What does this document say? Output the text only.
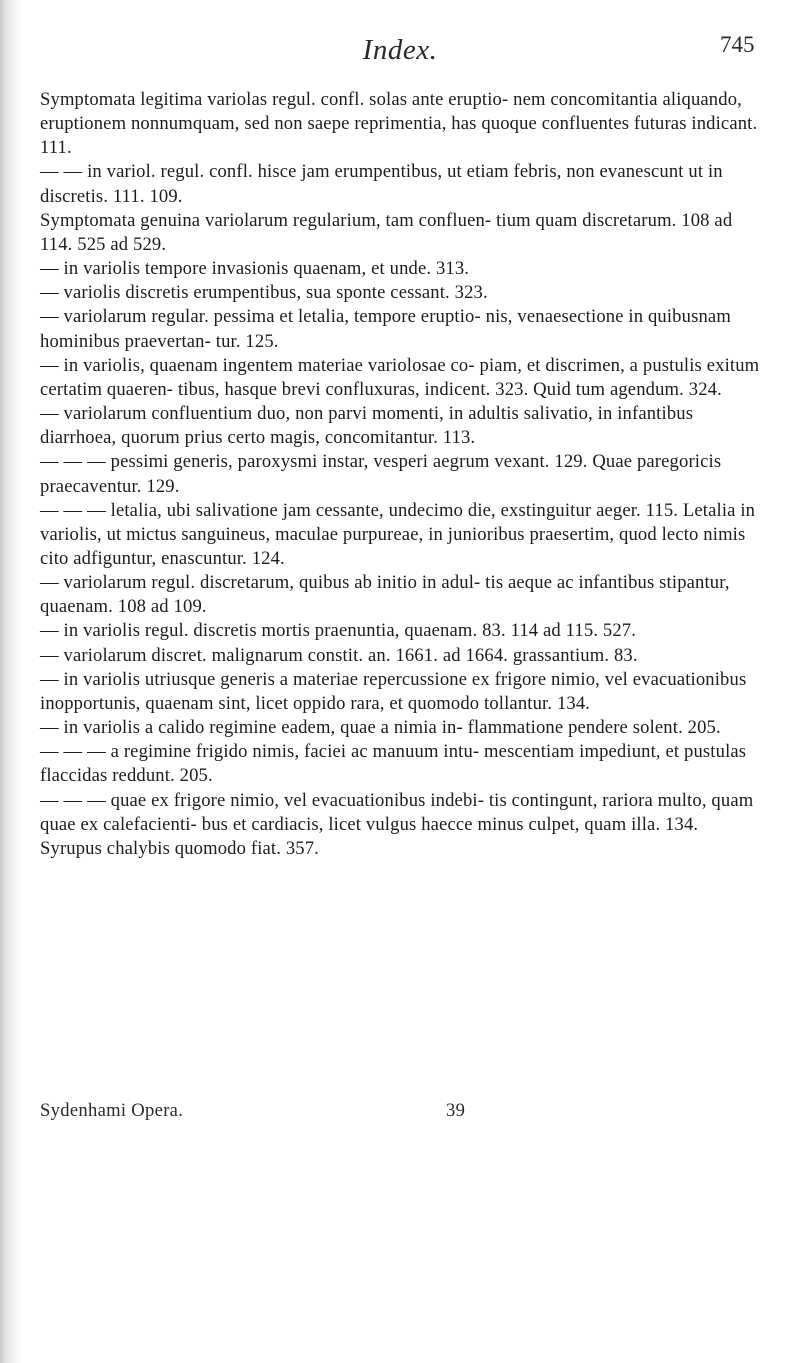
Index.	745
Symptomata legitima variolas regul. confl. solas ante eruptio- nem concomitantia aliquando, eruptionem nonnumquam, sed non saepe reprimentia, has quoque confluentes futuras indicant. 111.
— — in variol. regul. confl. hisce jam erumpentibus, ut etiam febris, non evanescunt ut in discretis. 111. 109.
Symptomata genuina variolarum regularium, tam confluen- tium quam discretarum. 108 ad 114. 525 ad 529.
— in variolis tempore invasionis quaenam, et unde. 313.
— variolis discretis erumpentibus, sua sponte cessant. 323.
— variolarum regular. pessima et letalia, tempore eruptio- nis, venaesectione in quibusnam hominibus praevertan- tur. 125.
— in variolis, quaenam ingentem materiae variolosae co- piam, et discrimen, a pustulis exitum certatim quaeren- tibus, hasque brevi confluxuras, indicent. 323. Quid tum agendum. 324.
— variolarum confluentium duo, non parvi momenti, in adultis salivatio, in infantibus diarrhoea, quorum prius certo magis, concomitantur. 113.
— — — pessimi generis, paroxysmi instar, vesperi aegrum vexant. 129. Quae paregoricis praecaventur. 129.
— — — letalia, ubi salivatione jam cessante, undecimo die, exstinguitur aeger. 115. Letalia in variolis, ut mictus sanguineus, maculae purpureae, in junioribus praesertim, quod lecto nimis cito adfiguntur, enascuntur. 124.
— variolarum regul. discretarum, quibus ab initio in adul- tis aeque ac infantibus stipantur, quaenam. 108 ad 109.
— in variolis regul. discretis mortis praenuntia, quaenam. 83. 114 ad 115. 527.
— variolarum discret. malignarum constit. an. 1661. ad 1664. grassantium. 83.
— in variolis utriusque generis a materiae repercussione ex frigore nimio, vel evacuationibus inopportunis, quaenam sint, licet oppido rara, et quomodo tollantur. 134.
— in variolis a calido regimine eadem, quae a nimia in- flammatione pendere solent. 205.
— — — a regimine frigido nimis, faciei ac manuum intu- mescentiam impediunt, et pustulas flaccidas reddunt. 205.
— — — quae ex frigore nimio, vel evacuationibus indebi- tis contingunt, rariora multo, quam quae ex calefacienti- bus et cardiacis, licet vulgus haecce minus culpet, quam illa. 134.
Syrupus chalybis quomodo fiat. 357.
Sydenhami Opera.	39
